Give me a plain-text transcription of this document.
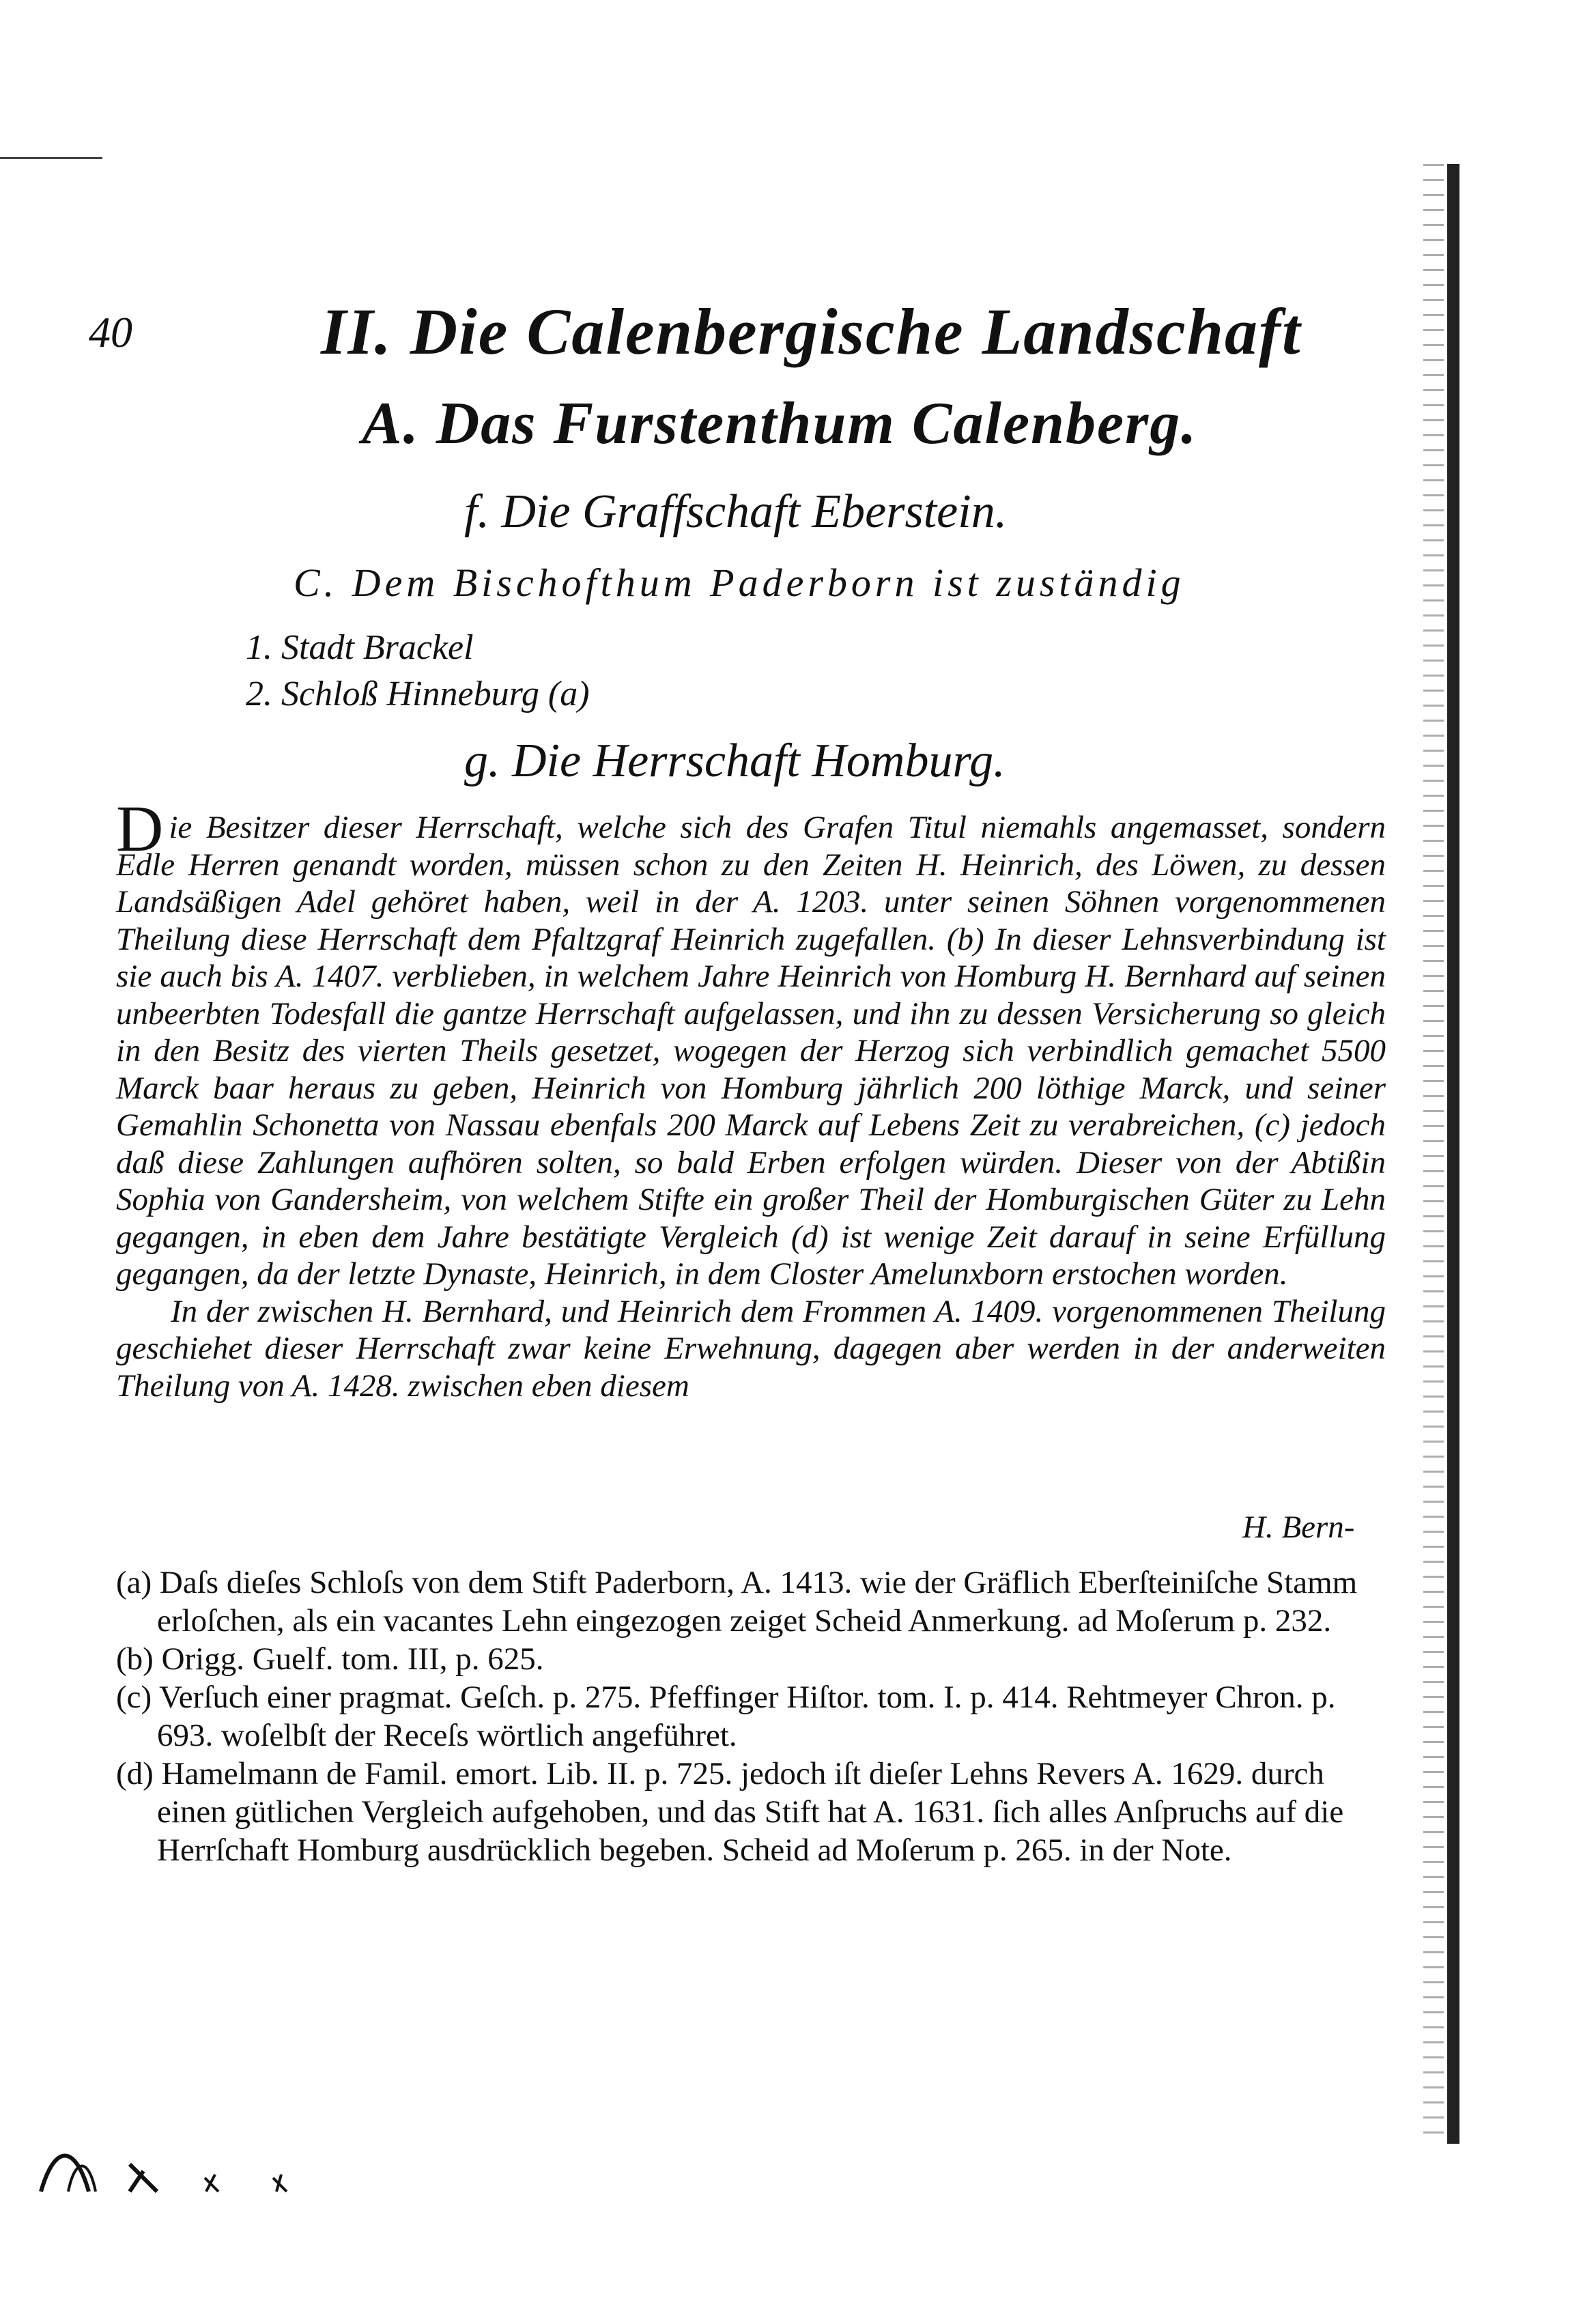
40	II. Die Calenbergische Landschaft
A. Das Furstenthum Calenberg.
f. Die Graffschaft Eberstein.
C. Dem Bischofthum Paderborn ist zuständig
1. Stadt Brackel
2. Schloß Hinneburg (a)
g. Die Herrschaft Homburg.

Die Besitzer dieser Herrschaft, welche sich des Grafen Titul niemahls angemasset, sondern Edle Herren genandt worden, müssen schon zu den Zeiten H. Heinrich, des Löwen, zu dessen Landsäßigen Adel gehöret haben, weil in der A. 1203. unter seinen Söhnen vorgenommenen Theilung diese Herrschaft dem Pfaltzgraf Heinrich zugefallen. (b) In dieser Lehnsverbindung ist sie auch bis A. 1407. verblieben, in welchem Jahre Heinrich von Homburg H. Bernhard auf seinen unbeerbten Todesfall die gantze Herrschaft aufgelassen, und ihn zu dessen Versicherung so gleich in den Besitz des vierten Theils gesetzet, wogegen der Herzog sich verbindlich gemachet 5500 Marck baar heraus zu geben, Heinrich von Homburg jährlich 200 löthige Marck, und seiner Gemahlin Schonetta von Nassau ebenfals 200 Marck auf Lebens Zeit zu verabreichen, (c) jedoch daß diese Zahlungen aufhören solten, so bald Erben erfolgen würden. Dieser von der Abtißin Sophia von Gandersheim, von welchem Stifte ein großer Theil der Homburgischen Güter zu Lehn gegangen, in eben dem Jahre bestätigte Vergleich (d) ist wenige Zeit darauf in seine Erfüllung gegangen, da der letzte Dynaste, Heinrich, in dem Closter Amelunxborn erstochen worden.

In der zwischen H. Bernhard, und Heinrich dem Frommen A. 1409. vorgenommenen Theilung geschiehet dieser Herrschaft zwar keine Erwehnung, dagegen aber werden in der anderweiten Theilung von A. 1428. zwischen eben diesem

H. Bern-

(a) Daſs dieſes Schloſs von dem Stift Paderborn, A. 1413. wie der Gräflich Eberſteiniſche Stamm erloſchen, als ein vacantes Lehn eingezogen zeiget Scheid Anmerkung. ad Moſerum p. 232.

(b) Origg. Guelf. tom. III, p. 625.

(c) Verſuch einer pragmat. Geſch. p. 275. Pfeffinger Hiſtor. tom. I. p. 414. Rehtmeyer Chron. p. 693. woſelbſt der Receſs wörtlich angeführet.

(d) Hamelmann de Famil. emort. Lib. II. p. 725. jedoch iſt dieſer Lehns Revers A. 1629. durch einen gütlichen Vergleich aufgehoben, und das Stift hat A. 1631. ſich alles Anſpruchs auf die Herrſchaft Homburg ausdrücklich begeben. Scheid ad Moſerum p. 265. in der Note.
